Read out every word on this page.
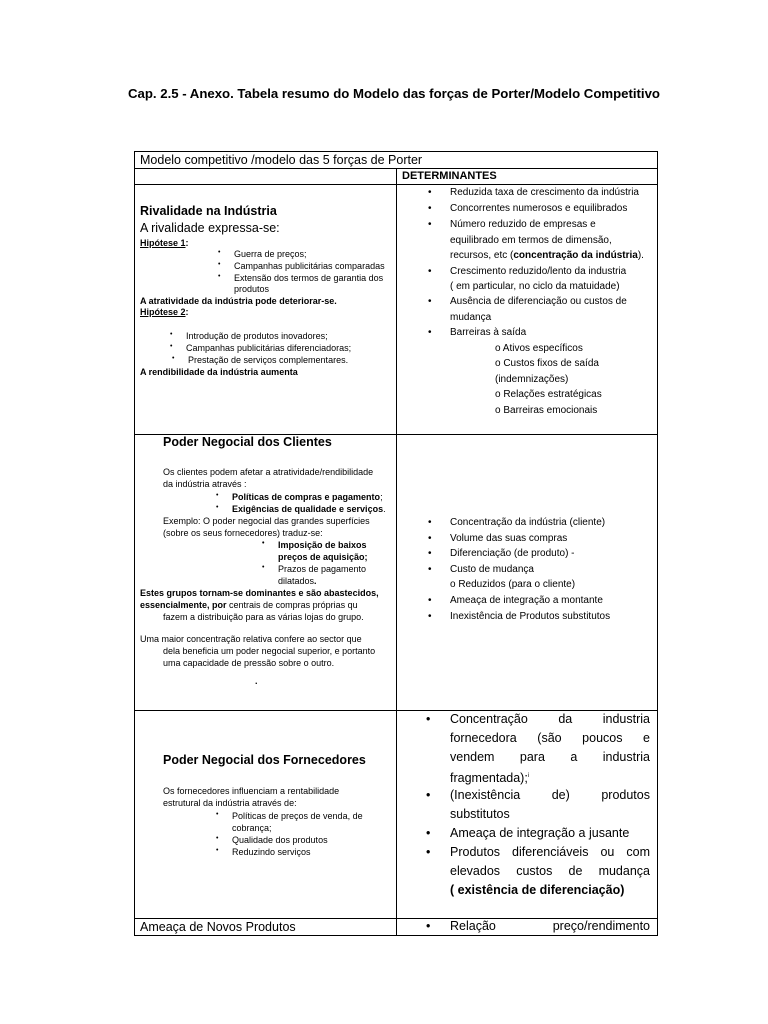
Cap. 2.5 - Anexo. Tabela resumo do Modelo das forças de Porter/Modelo Competitivo
Modelo competitivo /modelo das 5 forças de Porter
DETERMINANTES
Rivalidade na Indústria
A rivalidade expressa-se:
Hipótese 1:
• Guerra de preços;
• Campanhas publicitárias comparadas
• Extensão dos termos de garantia dos
produtos
A atratividade da indústria pode deteriorar-se.
Hipótese 2:
• Introdução de produtos inovadores;
• Campanhas publicitárias diferenciadoras;
• Prestação de serviços complementares.
A rendibilidade da indústria aumenta
• Reduzida taxa de crescimento da indústria
• Concorrentes numerosos e equilibrados
• Número reduzido de empresas e
equilibrado em termos de dimensão,
recursos, etc (concentração da indústria).
• Crescimento reduzido/lento da industria
( em particular, no ciclo da matuidade)
• Ausência de diferenciação ou custos de
mudança
• Barreiras à saída
o Ativos específicos
o Custos fixos de saída
(indemnizações)
o Relações estratégicas
o Barreiras emocionais
Poder Negocial dos Clientes
Os clientes podem afetar a atratividade/rendibilidade
da indústria através :
• Políticas de compras e pagamento;
• Exigências de qualidade e serviços.
Exemplo: O poder negocial das grandes superfícies
(sobre os seus fornecedores) traduz-se:
• Imposição de baixos
preços de aquisição;
• Prazos de pagamento
dilatados.
Estes grupos tornam-se dominantes e são abastecidos,
essencialmente, por centrais de compras próprias qu
fazem a distribuição para as várias lojas do grupo.
Uma maior concentração relativa confere ao sector que
dela beneficia um poder negocial superior, e portanto
uma capacidade de pressão sobre o outro.
.
• Concentração da indústria (cliente)
• Volume das suas compras
• Diferenciação (de produto) -
• Custo de mudança
o Reduzidos (para o cliente)
• Ameaça de integração a montante
• Inexistência de Produtos substitutos
Poder Negocial dos Fornecedores
Os fornecedores influenciam a rentabilidade
estrutural da indústria através de:
• Políticas de preços de venda, de
cobrança;
• Qualidade dos produtos
• Reduzindo serviços
• Concentração da industria
fornecedora (são poucos e
vendem para a industria
fragmentada);$^i$
• (Inexistência	de)	produtos
substitutos
• Ameaça de integração a jusante
• Produtos diferenciáveis ou com
elevados custos de mudança
( existência de diferenciação)
Ameaça de Novos Produtos
•	Relação	preço/rendimento
